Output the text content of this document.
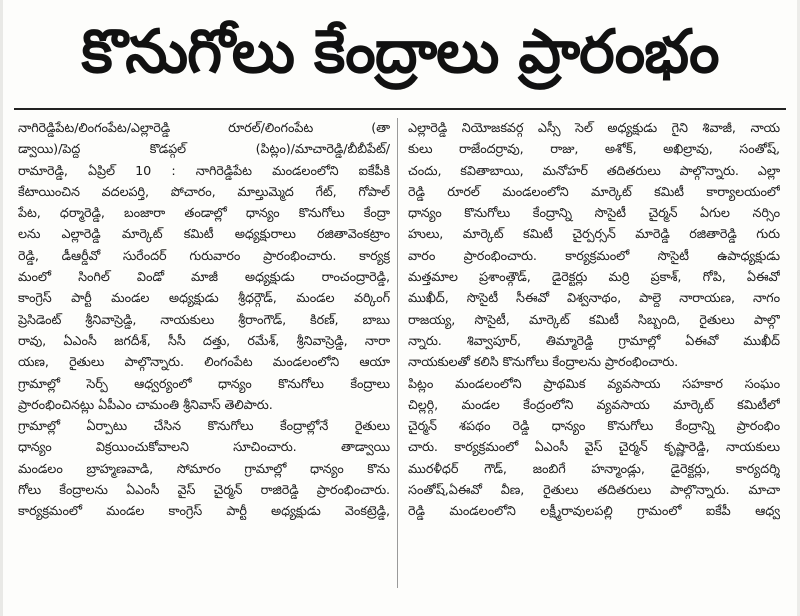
కొనుగోలు కేంద్రాలు ప్రారంభం
నాగిరెడ్డిపేట/లింగంపేట/ఎల్లారెడ్డి రూరల్/లింగంపేట (తా
డ్వాయి)/పెద్ద కొడప్గల్ (పిట్లం)/మాచారెడ్డి/బీబీపేట్/
రామారెడ్డి, ఏప్రిల్ 10 : నాగిరెడ్డిపేట మండలంలోని ఐకేపీకి
కేటాయించిన వదలపర్తి, పోచారం, మాల్తుమ్మెద గేట్, గోపాల్
పేట, ధర్మారెడ్డి, బంజారా తండాల్లో ధాన్యం కొనుగోలు కేంద్రా
లను ఎల్లారెడ్డి మార్కెట్ కమిటీ అధ్యక్షురాలు రజితావెంకట్రాం
రెడ్డి, డీఆర్డీవో సురేందర్ గురువారం ప్రారంభించారు. కార్యక్ర
మంలో సింగిల్ విండో మాజీ అధ్యక్షుడు రాంచంద్రారెడ్డి,
కాంగ్రెస్ పార్టీ మండల అధ్యక్షుడు శ్రీధర్గౌడ్, మండల వర్కింగ్
ప్రెసిడెంట్ శ్రీనివాస్రెడ్డి, నాయకులు శ్రీరాంగౌడ్, కిరణ్, బాబు
రావు, ఏఎంసీ జగదీశ్, సీసీ దత్తు, రమేశ్, శ్రీనివాస్రెడ్డి, నారా
యణ, రైతులు పాల్గొన్నారు. లింగంపేట మండలంలోని ఆయా
గ్రామాల్లో సెర్ప్ ఆధ్వర్యంలో ధాన్యం కొనుగోలు కేంద్రాలు
ప్రారంభించినట్లు ఏపీఎం చామంతి శ్రీనివాస్ తెలిపారు.
గ్రామాల్లో ఏర్పాటు చేసిన కొనుగోలు కేంద్రాల్లోనే రైతులు
ధాన్యం విక్రయించుకోవాలని సూచించారు. తాడ్వాయి
మండలం బ్రాహ్మణవాడి, సోమారం గ్రామాల్లో ధాన్యం కొను
గోలు కేంద్రాలను ఏఎంసీ వైస్ చైర్మన్ రాజిరెడ్డి ప్రారంభించారు.
కార్యక్రమంలో మండల కాంగ్రెస్ పార్టీ అధ్యక్షుడు వెంకట్రెడ్డి,
ఎల్లారెడ్డి నియోజకవర్గ ఎస్సీ సెల్ అధ్యక్షుడు గైని శివాజీ, నాయ
కులు రాజేందర్రావు, రాజు, అశోక్, అఖిల్రావు, సంతోష్,
చందు, కవితాబాయి, మనోహర్ తదితరులు పాల్గొన్నారు. ఎల్లా
రెడ్డి రూరల్ మండలంలోని మార్కెట్ కమిటీ కార్యాలయంలో
ధాన్యం కొనుగోలు కేంద్రాన్ని సొసైటీ చైర్మన్ ఏగుల నర్సిం
హులు, మార్కెట్ కమిటీ చైర్పర్సన్ మారెడ్డి రజితారెడ్డి గురు
వారం ప్రారంభించారు. కార్యక్రమంలో సొసైటీ ఉపాధ్యక్షుడు
మత్తమాల ప్రశాంత్గౌడ్, డైరెక్టర్లు మర్రి ప్రకాశ్, గోపి, ఏఈవో
ముఖీద్, సొసైటీ సీఈవో విశ్వనాథం, పాల్దె నారాయణ, నాగం
రాజయ్య, సొసైటీ, మార్కెట్ కమిటీ సిబ్బంది, రైతులు పాల్గొ
న్నారు. శివ్వాపూర్, తిమ్మారెడ్డి గ్రామాల్లో ఏఈవో ముఖీద్
నాయకులతో కలిసి కొనుగోలు కేంద్రాలను ప్రారంభించారు.
పిట్లం మండలంలోని ప్రాథమిక వ్యవసాయ సహకార సంఘం
చిల్లర్గి, మండల కేంద్రంలోని వ్యవసాయ మార్కెట్ కమిటీలో
చైర్మన్ శపథం రెడ్డి ధాన్యం కొనుగోలు కేంద్రాన్ని ప్రారంభిం
చారు. కార్యక్రమంలో ఏఎంసీ వైస్ చైర్మన్ కృష్ణారెడ్డి, నాయకులు
మురళీధర్ గౌడ్, జంబిగే హన్మాండ్లు, డైరెక్టర్లు, కార్యదర్శి
సంతోష్,ఏఈవో వీణ, రైతులు తదితరులు పాల్గొన్నారు. మాచా
రెడ్డి మండలంలోని లక్ష్మీరావులపల్లి గ్రామంలో ఐకేపీ ఆధ్వ
